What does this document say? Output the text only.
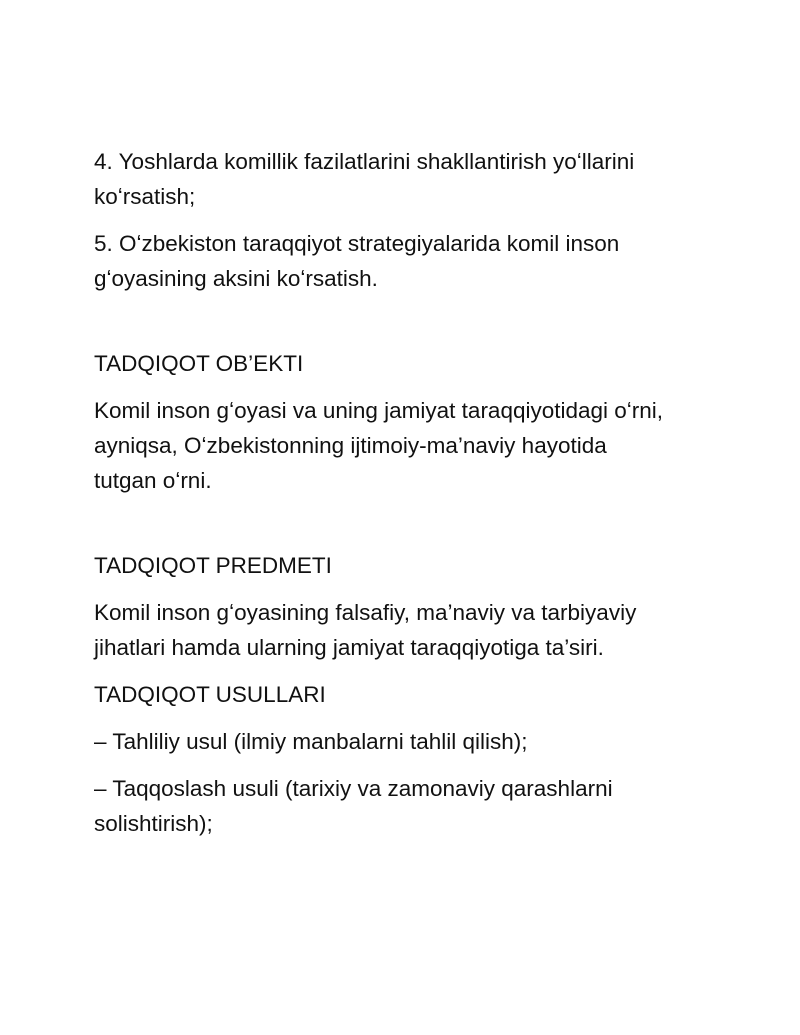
4. Yoshlarda komillik fazilatlarini shakllantirish yoʻllarini
koʻrsatish;

5. Oʻzbekiston taraqqiyot strategiyalarida komil inson
gʻoyasining aksini koʻrsatish.

TADQIQOT OB’EKTI

Komil inson gʻoyasi va uning jamiyat taraqqiyotidagi oʻrni,
ayniqsa, Oʻzbekistonning ijtimoiy-ma’naviy hayotida
tutgan oʻrni.

TADQIQOT PREDMETI

Komil inson gʻoyasining falsafiy, ma’naviy va tarbiyaviy
jihatlari hamda ularning jamiyat taraqqiyotiga ta’siri.

TADQIQOT USULLARI

– Tahliliy usul (ilmiy manbalarni tahlil qilish);

– Taqqoslash usuli (tarixiy va zamonaviy qarashlarni
solishtirish);
